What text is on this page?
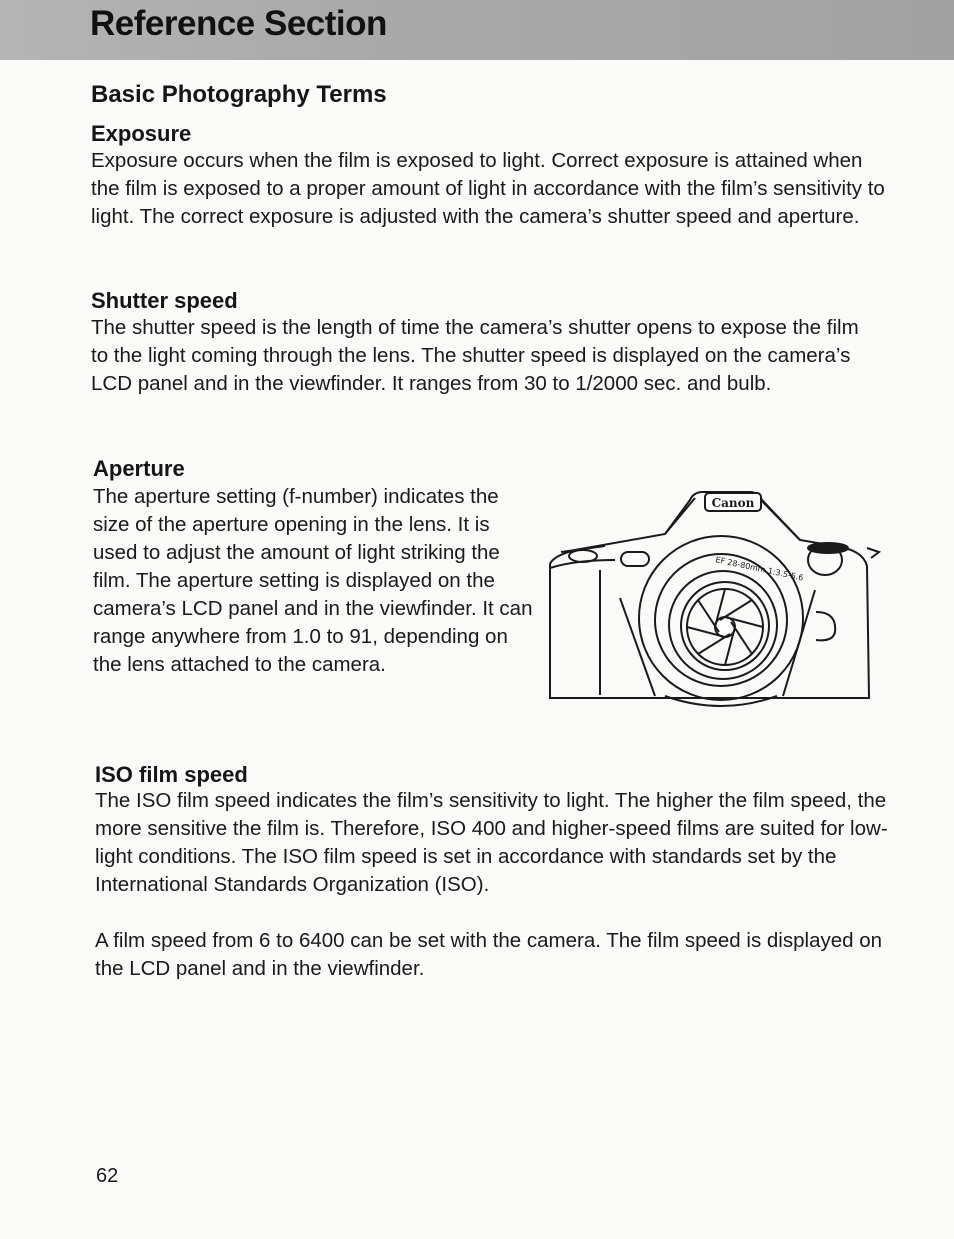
Reference Section
Basic Photography Terms
Exposure
Exposure occurs when the film is exposed to light. Correct exposure is attained when the film is exposed to a proper amount of light in accordance with the film’s sensitivity to light. The correct exposure is adjusted with the camera’s shutter speed and aperture.
Shutter speed
The shutter speed is the length of time the camera’s shutter opens to expose the film to the light coming through the lens. The shutter speed is displayed on the camera’s LCD panel and in the viewfinder. It ranges from 30 to 1/2000 sec. and bulb.
Aperture
The aperture setting (f-number) indicates the size of the aperture opening in the lens. It is used to adjust the amount of light striking the film. The aperture setting is displayed on the camera’s LCD panel and in the viewfinder. It can range anywhere from 1.0 to 91, depending on the lens attached to the camera.
Canon
EF 28-80mm 1:3.5-5.6
ISO film speed
The ISO film speed indicates the film’s sensitivity to light. The higher the film speed, the more sensitive the film is. Therefore, ISO 400 and higher-speed films are suited for low-light conditions. The ISO film speed is set in accordance with standards set by the International Standards Organization (ISO).
A film speed from 6 to 6400 can be set with the camera. The film speed is displayed on the LCD panel and in the viewfinder.
62
